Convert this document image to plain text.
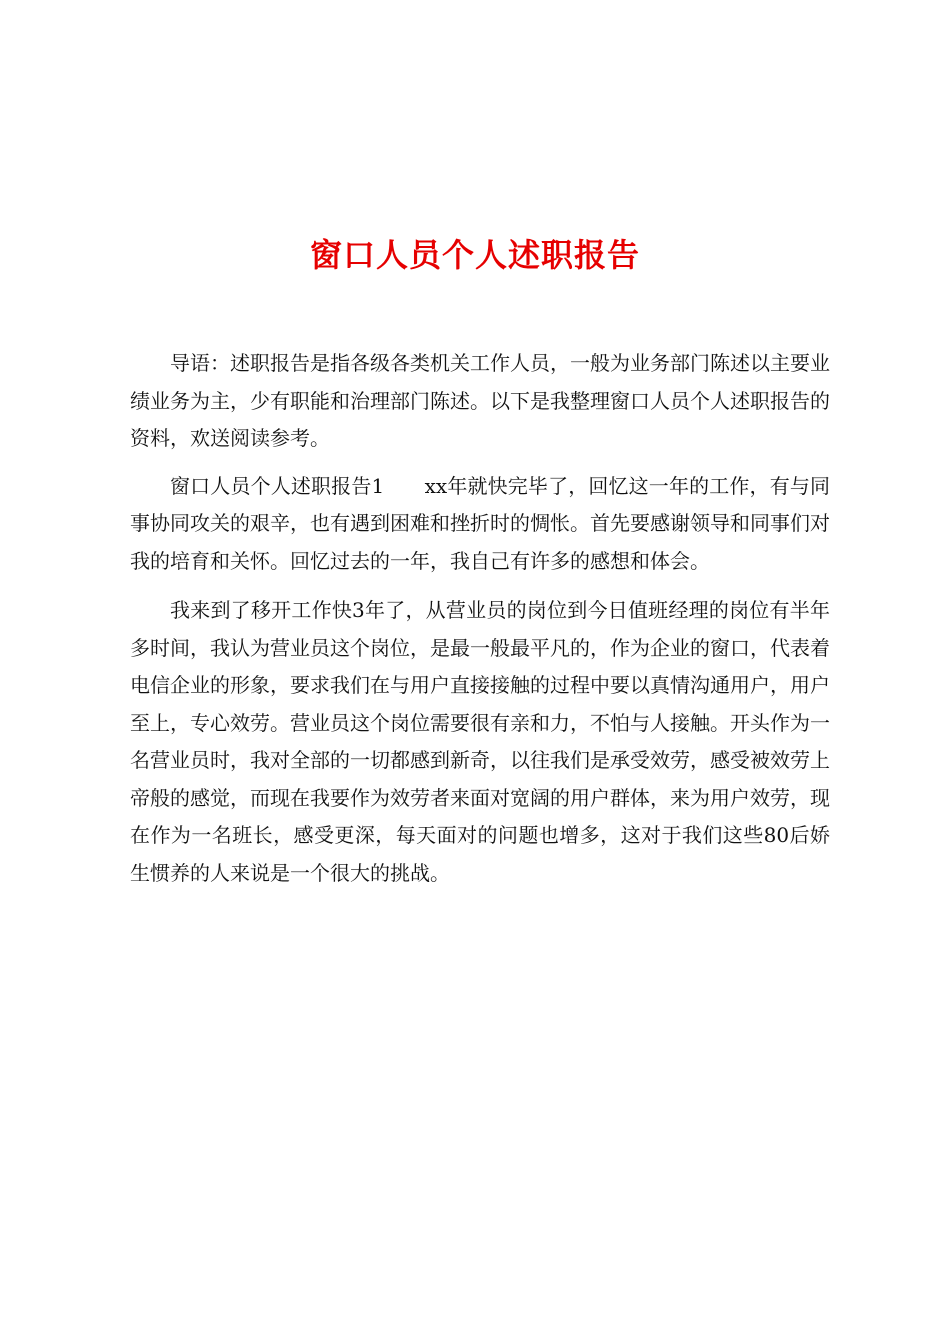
窗口人员个人述职报告

导语：述职报告是指各级各类机关工作人员，一般为业务部门陈述以主要业绩业务为主，少有职能和治理部门陈述。以下是我整理窗口人员个人述职报告的资料，欢送阅读参考。

窗口人员个人述职报告1　　xx年就快完毕了，回忆这一年的工作，有与同事协同攻关的艰辛，也有遇到困难和挫折时的惆怅。首先要感谢领导和同事们对我的培育和关怀。回忆过去的一年，我自己有许多的感想和体会。

我来到了移开工作快3年了，从营业员的岗位到今日值班经理的岗位有半年多时间，我认为营业员这个岗位，是最一般最平凡的，作为企业的窗口，代表着电信企业的形象，要求我们在与用户直接接触的过程中要以真情沟通用户，用户至上，专心效劳。营业员这个岗位需要很有亲和力，不怕与人接触。开头作为一名营业员时，我对全部的一切都感到新奇，以往我们是承受效劳，感受被效劳上帝般的感觉，而现在我要作为效劳者来面对宽阔的用户群体，来为用户效劳，现在作为一名班长，感受更深，每天面对的问题也增多，这对于我们这些80后娇生惯养的人来说是一个很大的挑战。
